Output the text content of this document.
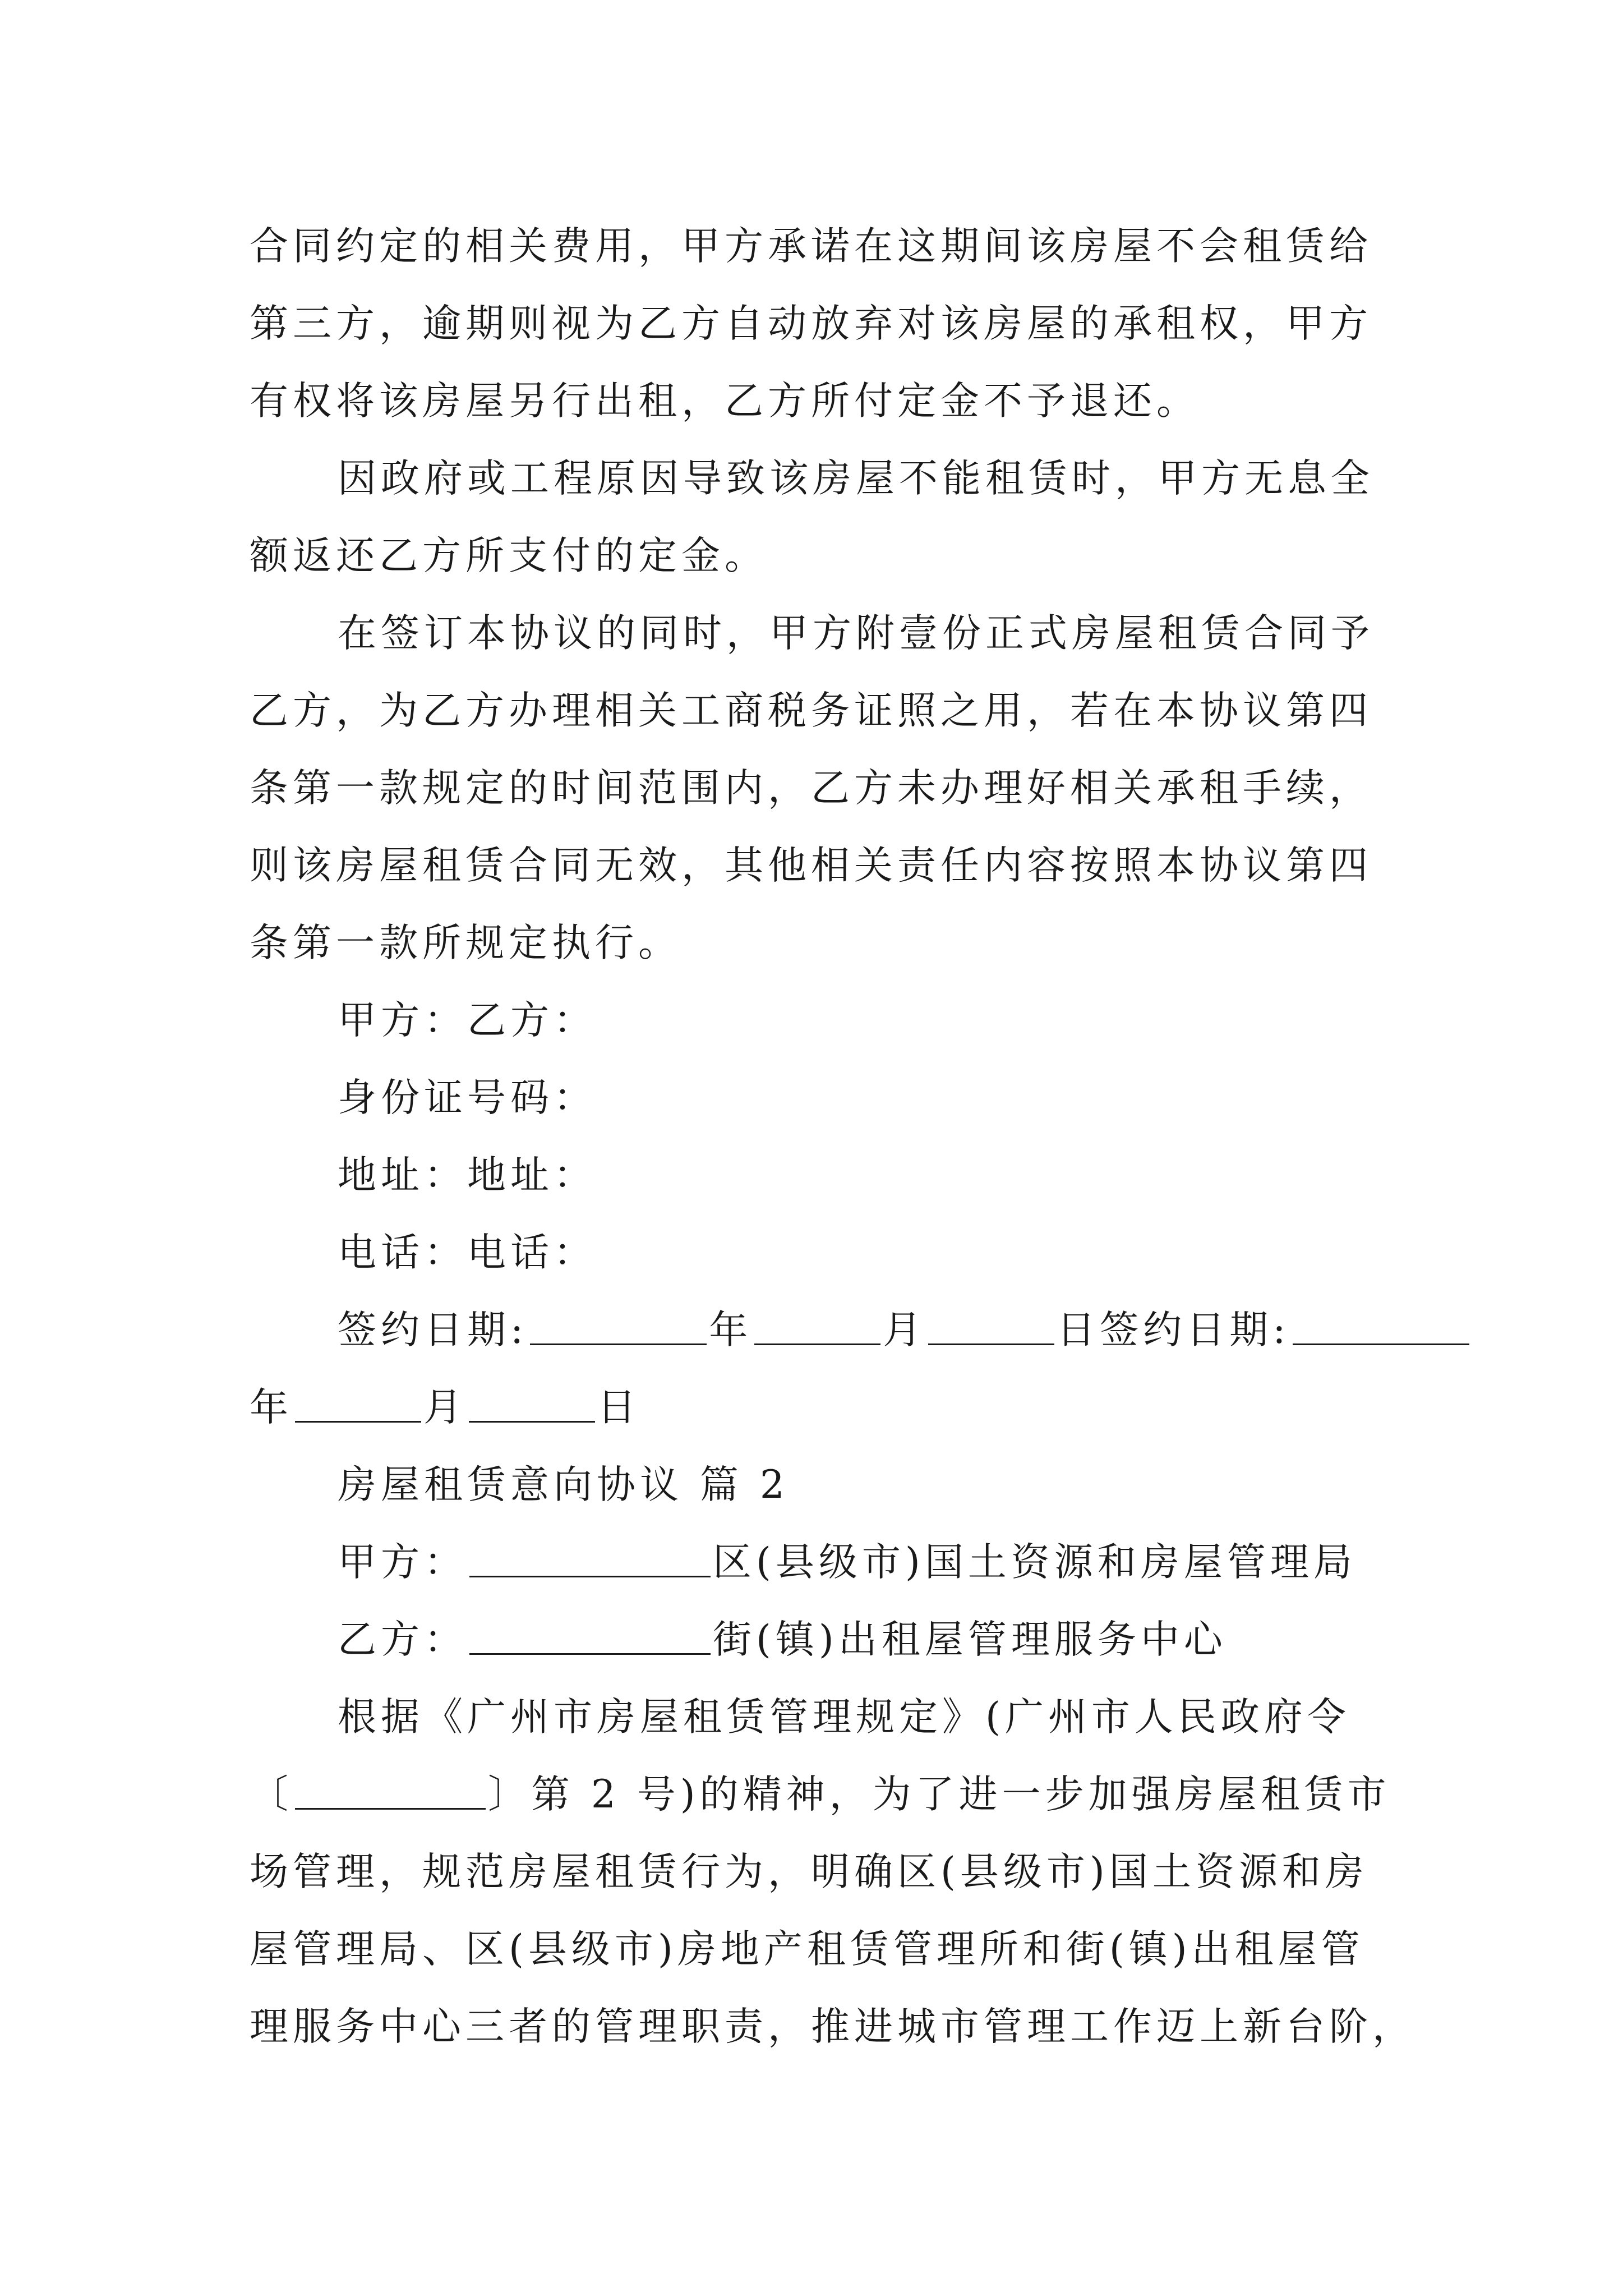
合同约定的相关费用，甲方承诺在这期间该房屋不会租赁给
第三方，逾期则视为乙方自动放弃对该房屋的承租权，甲方
有权将该房屋另行出租，乙方所付定金不予退还。
因政府或工程原因导致该房屋不能租赁时，甲方无息全
额返还乙方所支付的定金。
在签订本协议的同时，甲方附壹份正式房屋租赁合同予
乙方，为乙方办理相关工商税务证照之用，若在本协议第四
条第一款规定的时间范围内，乙方未办理好相关承租手续，
则该房屋租赁合同无效，其他相关责任内容按照本协议第四
条第一款所规定执行。
甲方：乙方：
身份证号码：
地址：地址：
电话：电话：
签约日期:	年	月	日签约日期:
年	月	日
房屋租赁意向协议 篇 2
甲方：	区(县级市)国土资源和房屋管理局
乙方：	街(镇)出租屋管理服务中心
根据《广州市房屋租赁管理规定》(广州市人民政府令
〔	〕第 2 号)的精神，为了进一步加强房屋租赁市
场管理，规范房屋租赁行为，明确区(县级市)国土资源和房
屋管理局、区(县级市)房地产租赁管理所和街(镇)出租屋管
理服务中心三者的管理职责，推进城市管理工作迈上新台阶，
